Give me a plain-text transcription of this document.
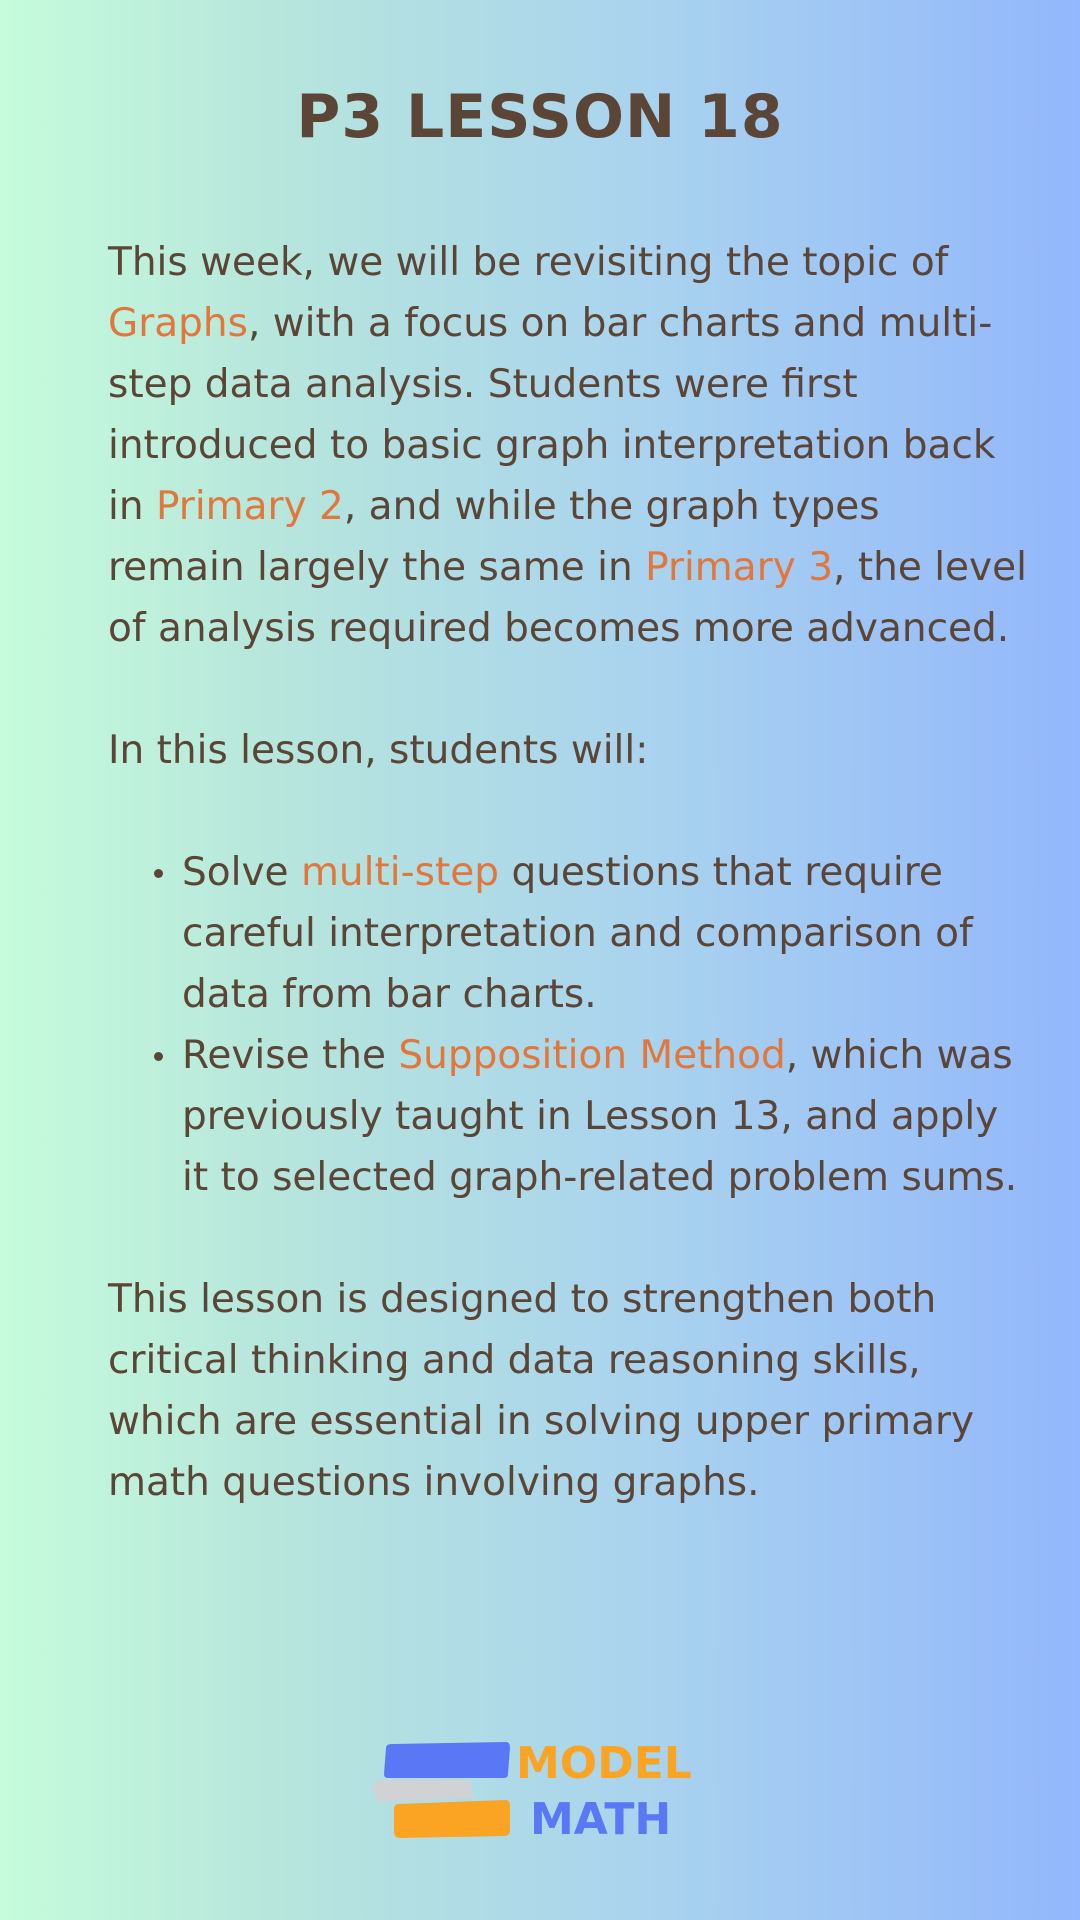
P3 LESSON 18

This week, we will be revisiting the topic of Graphs, with a focus on bar charts and multi-step data analysis. Students were first introduced to basic graph interpretation back in Primary 2, and while the graph types remain largely the same in Primary 3, the level of analysis required becomes more advanced.

In this lesson, students will:

Solve multi-step questions that require careful interpretation and comparison of data from bar charts.
Revise the Supposition Method, which was previously taught in Lesson 13, and apply it to selected graph-related problem sums.

This lesson is designed to strengthen both critical thinking and data reasoning skills, which are essential in solving upper primary math questions involving graphs.

MODEL
MATH
